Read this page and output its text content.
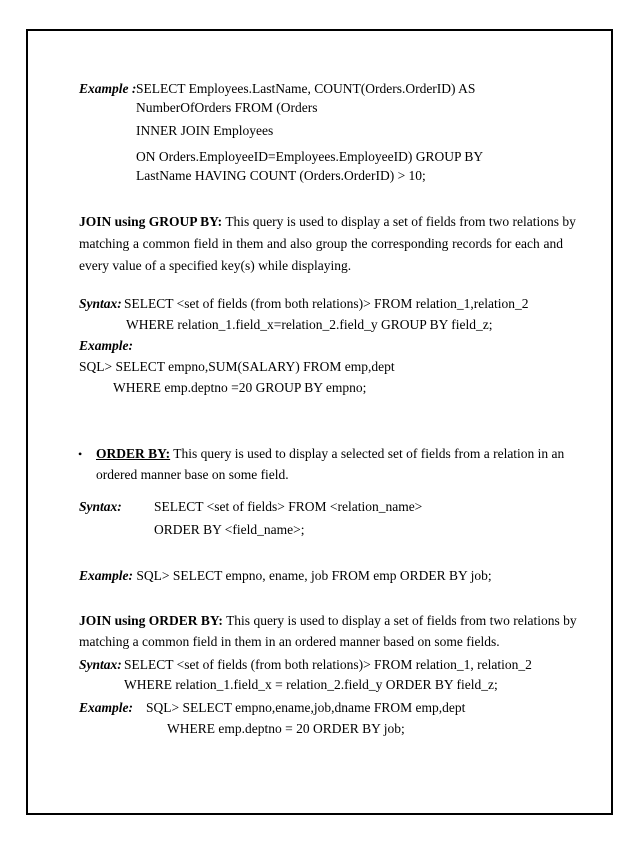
Example : SELECT Employees.LastName, COUNT(Orders.OrderID) AS
NumberOfOrders FROM (Orders
INNER JOIN Employees
ON Orders.EmployeeID=Employees.EmployeeID) GROUP BY
LastName HAVING COUNT (Orders.OrderID) > 10;
JOIN using GROUP BY: This query is used to display a set of fields from two relations by
matching a common field in them and also group the corresponding records for each and
every value of a specified key(s) while displaying.
Syntax: SELECT <set of fields (from both relations)> FROM relation_1,relation_2
WHERE relation_1.field_x=relation_2.field_y GROUP BY field_z;
Example:
SQL> SELECT empno,SUM(SALARY) FROM emp,dept
WHERE emp.deptno =20 GROUP BY empno;
• ORDER BY: This query is used to display a selected set of fields from a relation in an
ordered manner base on some field.
Syntax: SELECT <set of fields> FROM <relation_name>
ORDER BY <field_name>;
Example: SQL> SELECT empno, ename, job FROM emp ORDER BY job;
JOIN using ORDER BY: This query is used to display a set of fields from two relations by
matching a common field in them in an ordered manner based on some fields.
Syntax: SELECT <set of fields (from both relations)> FROM relation_1, relation_2
WHERE relation_1.field_x = relation_2.field_y ORDER BY field_z;
Example: SQL> SELECT empno,ename,job,dname FROM emp,dept
WHERE emp.deptno = 20 ORDER BY job;
